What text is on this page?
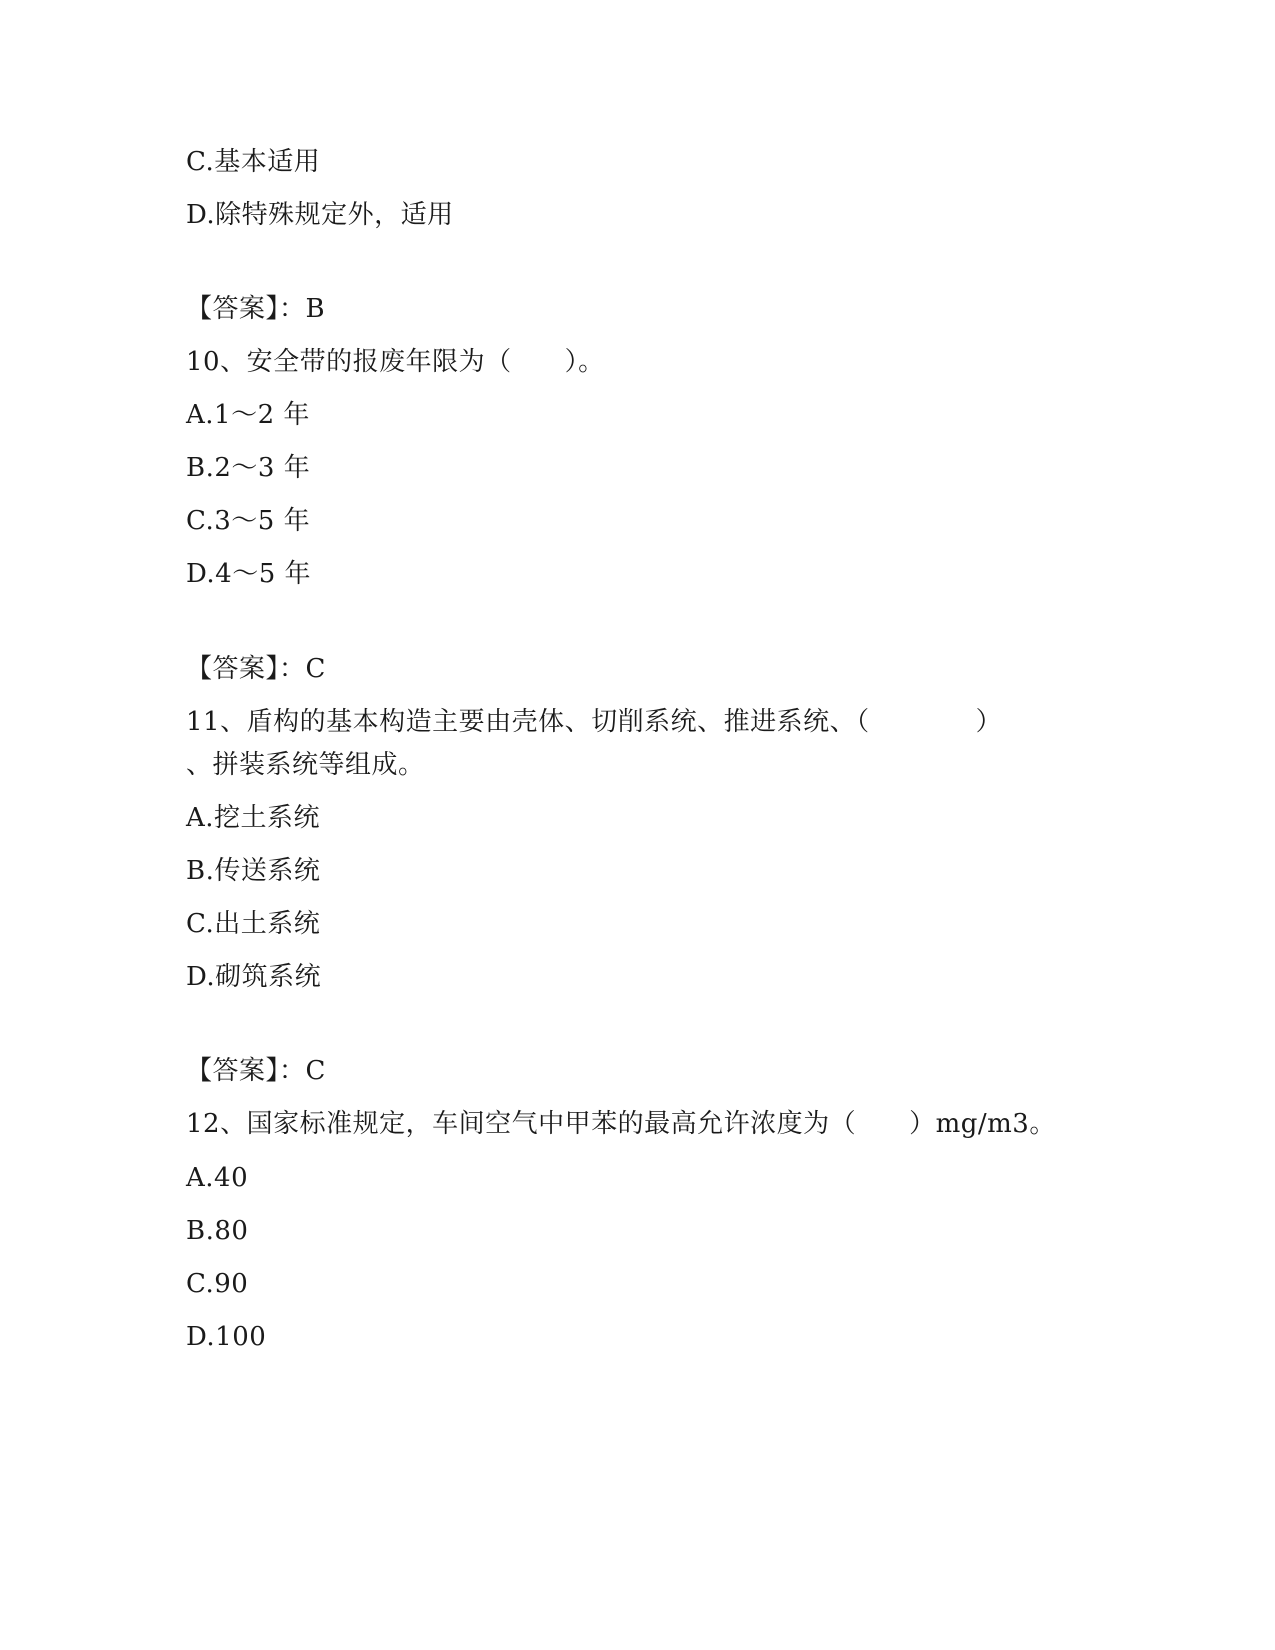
C.基本适用
D.除特殊规定外，适用
【答案】：B
10、安全带的报废年限为（　　）。
A.1～2 年
B.2～3 年
C.3～5 年
D.4～5 年
【答案】：C
11、盾构的基本构造主要由壳体、切削系统、推进系统、（　　　　）
、拼装系统等组成。
A.挖土系统
B.传送系统
C.出土系统
D.砌筑系统
【答案】：C
12、国家标准规定，车间空气中甲苯的最高允许浓度为（　　）mg/m3。
A.40
B.80
C.90
D.100
